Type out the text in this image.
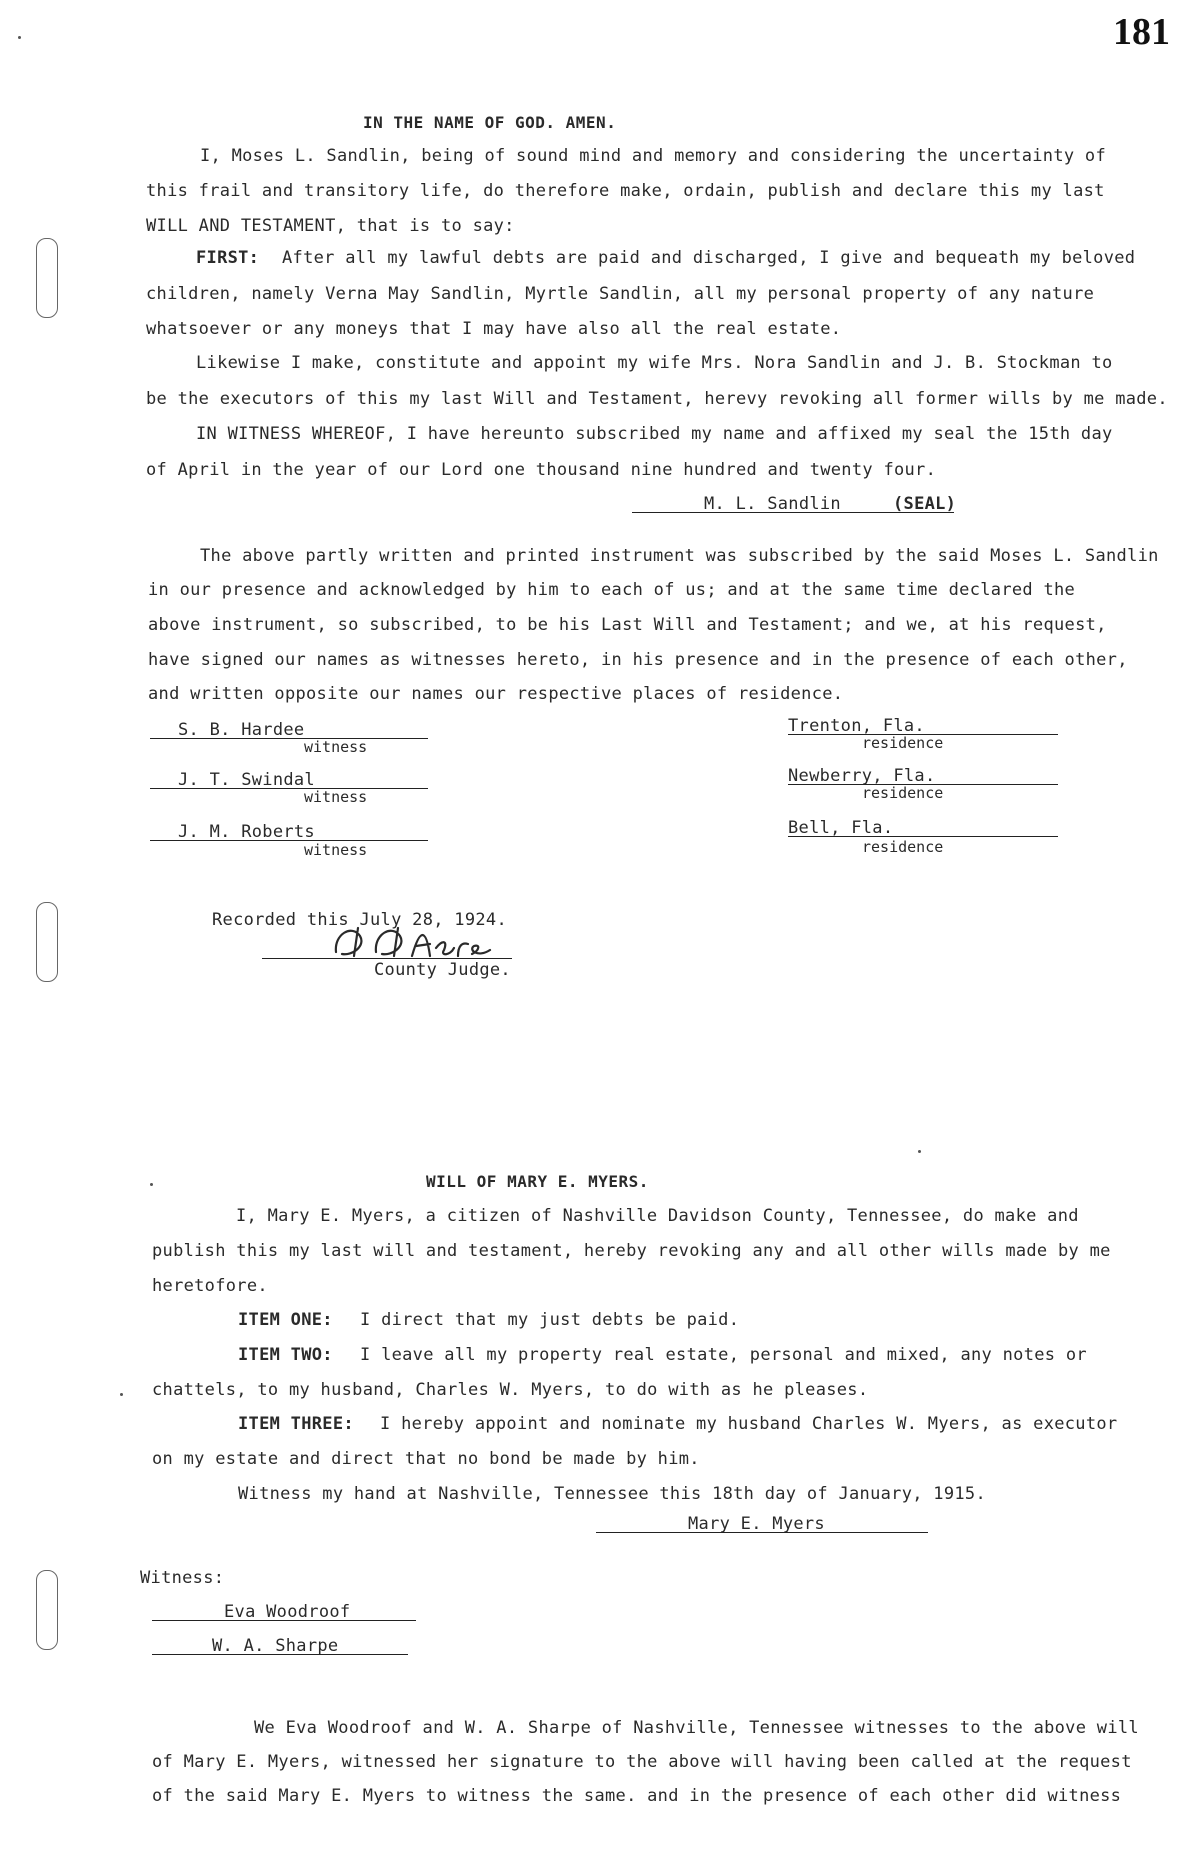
181
IN THE NAME OF GOD. AMEN.
I, Moses L. Sandlin, being of sound mind and memory and considering the uncertainty of
this frail and transitory life, do therefore make, ordain, publish and declare this my last
WILL AND TESTAMENT, that is to say:
FIRST: After all my lawful debts are paid and discharged, I give and bequeath my beloved
children, namely Verna May Sandlin, Myrtle Sandlin, all my personal property of any nature
whatsoever or any moneys that I may have also all the real estate.
Likewise I make, constitute and appoint my wife Mrs. Nora Sandlin and J. B. Stockman to
be the executors of this my last Will and Testament, herevy revoking all former wills by me made.
IN WITNESS WHEREOF, I have hereunto subscribed my name and affixed my seal the 15th day
of April in the year of our Lord one thousand nine hundred and twenty four.
M. L. Sandlin	(SEAL)
The above partly written and printed instrument was subscribed by the said Moses L. Sandlin
in our presence and acknowledged by him to each of us; and at the same time declared the
above instrument, so subscribed, to be his Last Will and Testament; and we, at his request,
have signed our names as witnesses hereto, in his presence and in the presence of each other,
and written opposite our names our respective places of residence.
S. B. Hardee
witness
Trenton, Fla.
residence
J. T. Swindal
witness
Newberry, Fla.
residence
J. M. Roberts
witness
Bell, Fla.
residence
Recorded this July 28, 1924.
County Judge.
WILL OF MARY E. MYERS.
I, Mary E. Myers, a citizen of Nashville Davidson County, Tennessee, do make and
publish this my last will and testament, hereby revoking any and all other wills made by me
heretofore.
ITEM ONE: I direct that my just debts be paid.
ITEM TWO: I leave all my property real estate, personal and mixed, any notes or
chattels, to my husband, Charles W. Myers, to do with as he pleases.
ITEM THREE: I hereby appoint and nominate my husband Charles W. Myers, as executor
on my estate and direct that no bond be made by him.
Witness my hand at Nashville, Tennessee this 18th day of January, 1915.
Mary E. Myers
Witness:
Eva Woodroof
W. A. Sharpe
We Eva Woodroof and W. A. Sharpe of Nashville, Tennessee witnesses to the above will
of Mary E. Myers, witnessed her signature to the above will having been called at the request
of the said Mary E. Myers to witness the same. and in the presence of each other did witness
